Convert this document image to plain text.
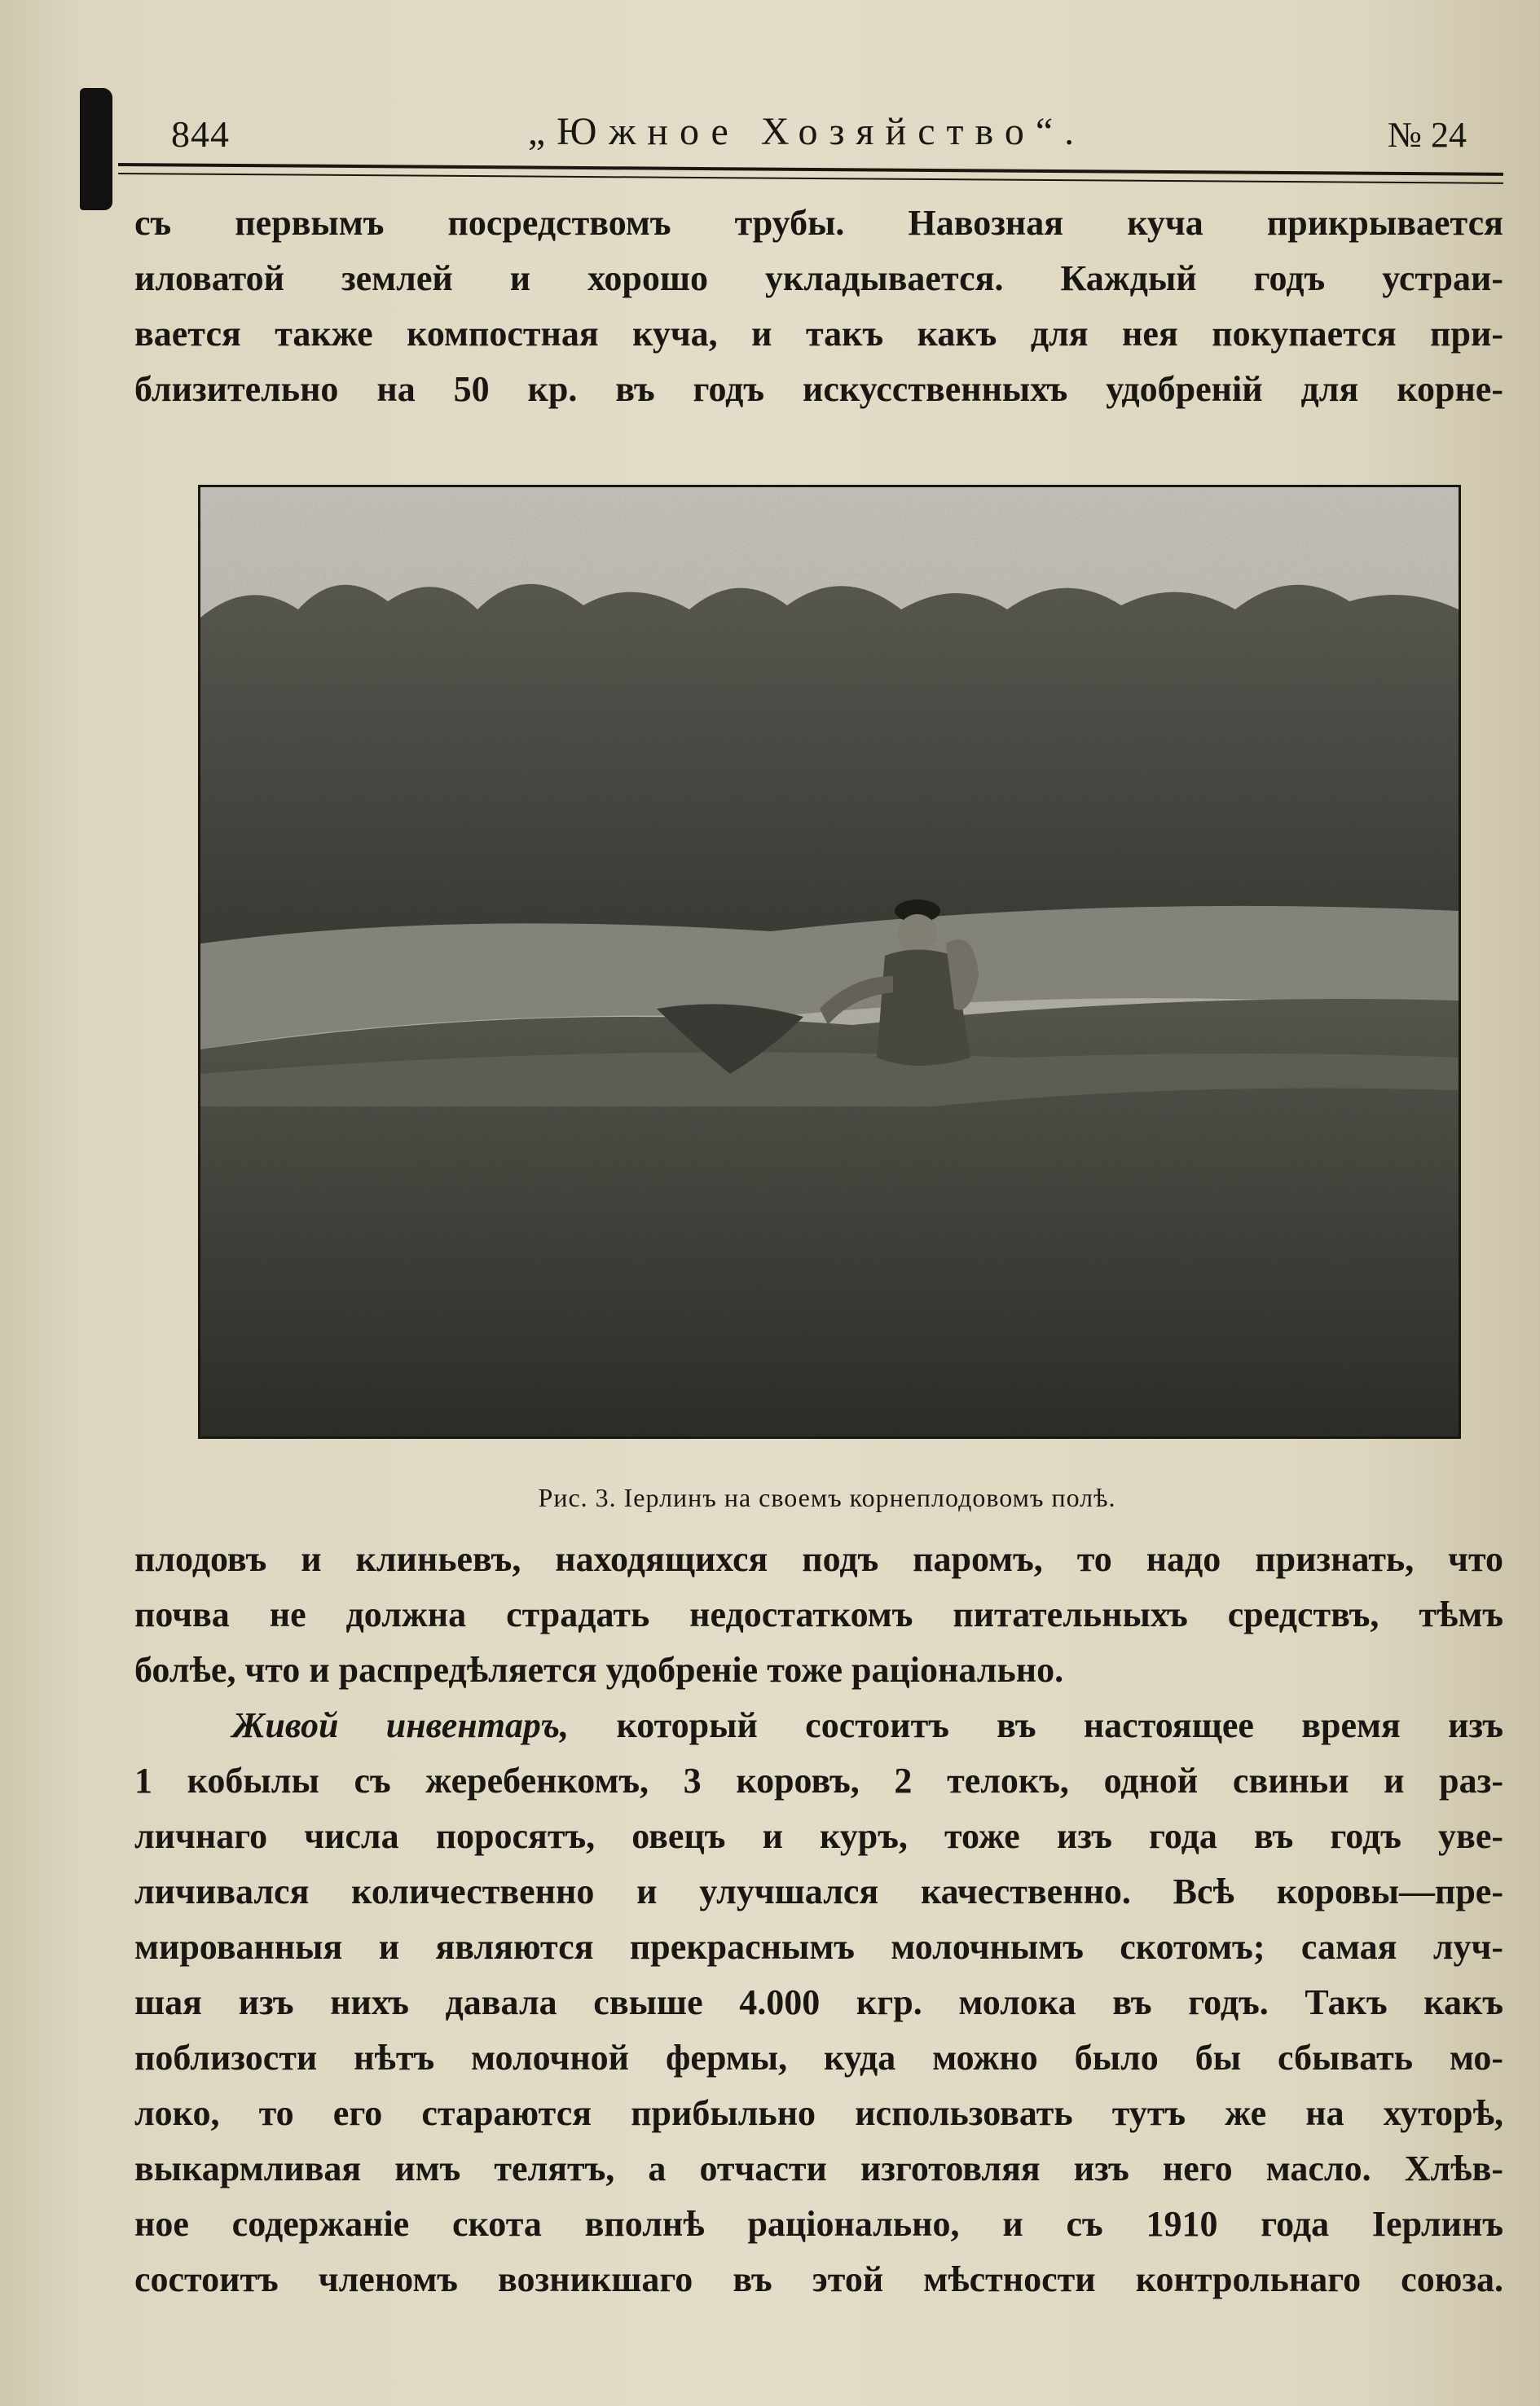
844	„Южное Хозяйство“.	№ 24
съ первымъ посредствомъ трубы. Навозная куча прикрывается
иловатой землей и хорошо укладывается. Каждый годъ устраи-
вается также компостная куча, и такъ какъ для нея покупается при-
близительно на 50 кр. въ годъ искусственныхъ удобренiй для корне-
Рис. 3. Iерлинъ на своемъ корнеплодовомъ полѣ.
плодовъ и клиньевъ, находящихся подъ паромъ, то надо признать, что
почва не должна страдать недостаткомъ питательныхъ средствъ, тѣмъ
болѣе, что и распредѣляется удобренiе тоже рацiонально.
Живой инвентаръ, который состоитъ въ настоящее время изъ
1 кобылы съ жеребенкомъ, 3 коровъ, 2 телокъ, одной свиньи и раз-
личнаго числа поросятъ, овецъ и куръ, тоже изъ года въ годъ уве-
личивался количественно и улучшался качественно. Всѣ коровы—пре-
мированныя и являются прекраснымъ молочнымъ скотомъ; самая луч-
шая изъ нихъ давала свыше 4.000 кгр. молока въ годъ. Такъ какъ
поблизости нѣтъ молочной фермы, куда можно было бы сбывать мо-
локо, то его стараются прибыльно использовать тутъ же на хуторѣ,
выкармливая имъ телятъ, а отчасти изготовляя изъ него масло. Хлѣв-
ное содержанiе скота вполнѣ рацiонально, и съ 1910 года Iерлинъ
состоитъ членомъ возникшаго въ этой мѣстности контрольнаго союза.
